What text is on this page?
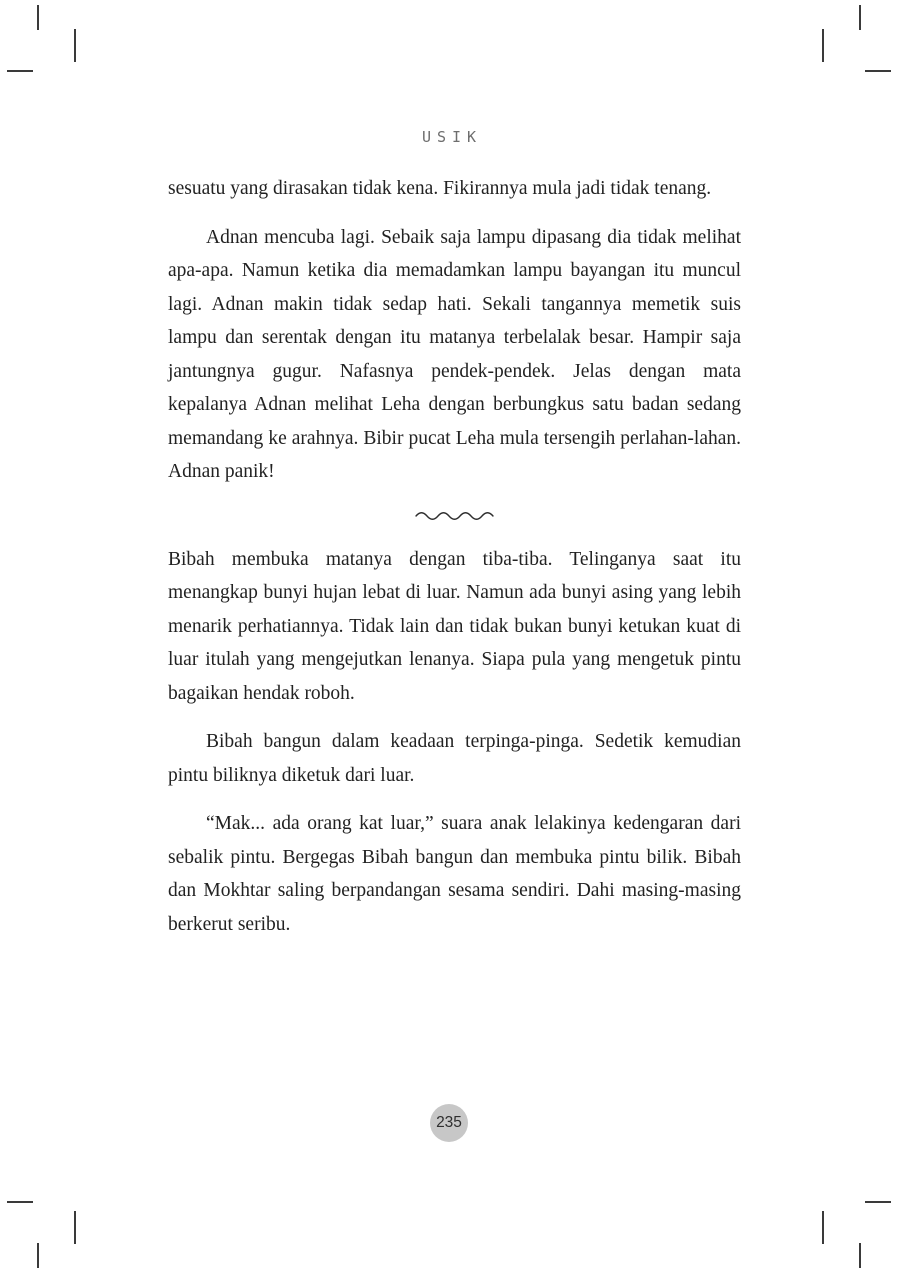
USIK

sesuatu yang dirasakan tidak kena. Fikirannya mula jadi tidak tenang.

Adnan mencuba lagi. Sebaik saja lampu dipasang dia tidak melihat apa-apa. Namun ketika dia memadamkan lampu bayangan itu muncul lagi. Adnan makin tidak sedap hati. Sekali tangannya memetik suis lampu dan serentak dengan itu matanya terbelalak besar. Hampir saja jantungnya gugur. Nafasnya pendek-pendek. Jelas dengan mata kepalanya Adnan melihat Leha dengan berbungkus satu badan sedang memandang ke arahnya. Bibir pucat Leha mula tersengih perlahan-lahan. Adnan panik!

Bibah membuka matanya dengan tiba-tiba. Telinganya saat itu menangkap bunyi hujan lebat di luar. Namun ada bunyi asing yang lebih menarik perhatiannya. Tidak lain dan tidak bukan bunyi ketukan kuat di luar itulah yang mengejutkan lenanya. Siapa pula yang mengetuk pintu bagaikan hendak roboh.

Bibah bangun dalam keadaan terpinga-pinga. Sedetik kemudian pintu biliknya diketuk dari luar.

“Mak... ada orang kat luar,” suara anak lelakinya kedengaran dari sebalik pintu. Bergegas Bibah bangun dan membuka pintu bilik. Bibah dan Mokhtar saling berpandangan sesama sendiri. Dahi masing-masing berkerut seribu.

235
